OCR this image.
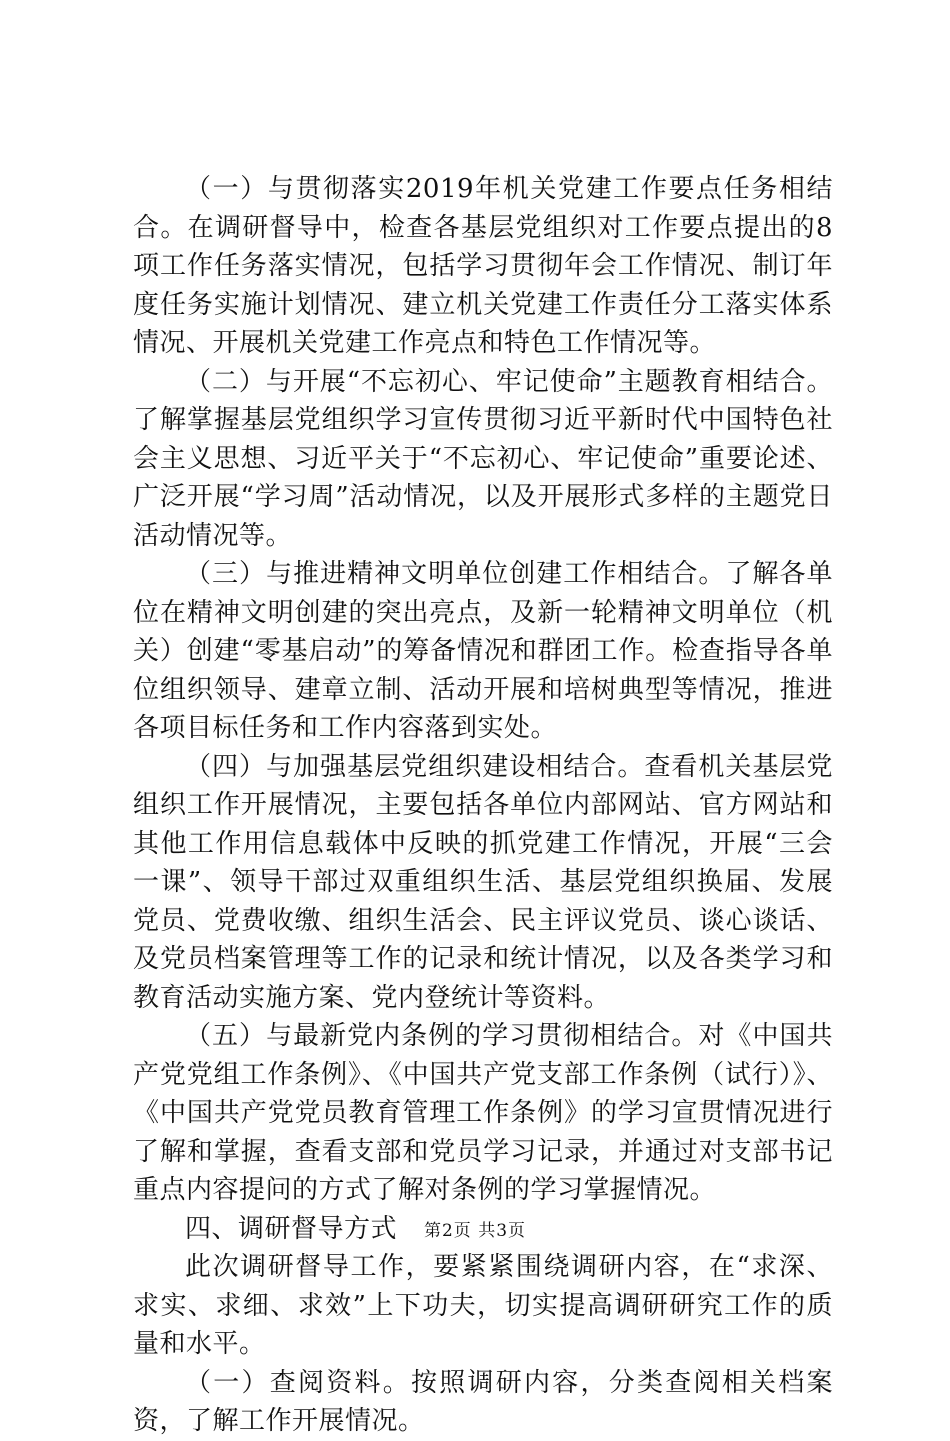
（一）与贯彻落实2019年机关党建工作要点任务相结合。在调研督导中，检查各基层党组织对工作要点提出的8项工作任务落实情况，包括学习贯彻年会工作情况、制订年度任务实施计划情况、建立机关党建工作责任分工落实体系情况、开展机关党建工作亮点和特色工作情况等。

（二）与开展“不忘初心、牢记使命”主题教育相结合。了解掌握基层党组织学习宣传贯彻习近平新时代中国特色社会主义思想、习近平关于“不忘初心、牢记使命”重要论述、广泛开展“学习周”活动情况，以及开展形式多样的主题党日活动情况等。

（三）与推进精神文明单位创建工作相结合。了解各单位在精神文明创建的突出亮点，及新一轮精神文明单位（机关）创建“零基启动”的筹备情况和群团工作。检查指导各单位组织领导、建章立制、活动开展和培树典型等情况，推进各项目标任务和工作内容落到实处。

（四）与加强基层党组织建设相结合。查看机关基层党组织工作开展情况，主要包括各单位内部网站、官方网站和其他工作用信息载体中反映的抓党建工作情况，开展“三会一课”、领导干部过双重组织生活、基层党组织换届、发展党员、党费收缴、组织生活会、民主评议党员、谈心谈话、及党员档案管理等工作的记录和统计情况，以及各类学习和教育活动实施方案、党内登统计等资料。

（五）与最新党内条例的学习贯彻相结合。对《中国共产党党组工作条例》、《中国共产党支部工作条例（试行）》、《中国共产党党员教育管理工作条例》的学习宣贯情况进行了解和掌握，查看支部和党员学习记录，并通过对支部书记重点内容提问的方式了解对条例的学习掌握情况。

四、调研督导方式

此次调研督导工作，要紧紧围绕调研内容，在“求深、求实、求细、求效”上下功夫，切实提高调研研究工作的质量和水平。

（一）查阅资料。按照调研内容，分类查阅相关档案资，了解工作开展情况。

第2页 共3页
